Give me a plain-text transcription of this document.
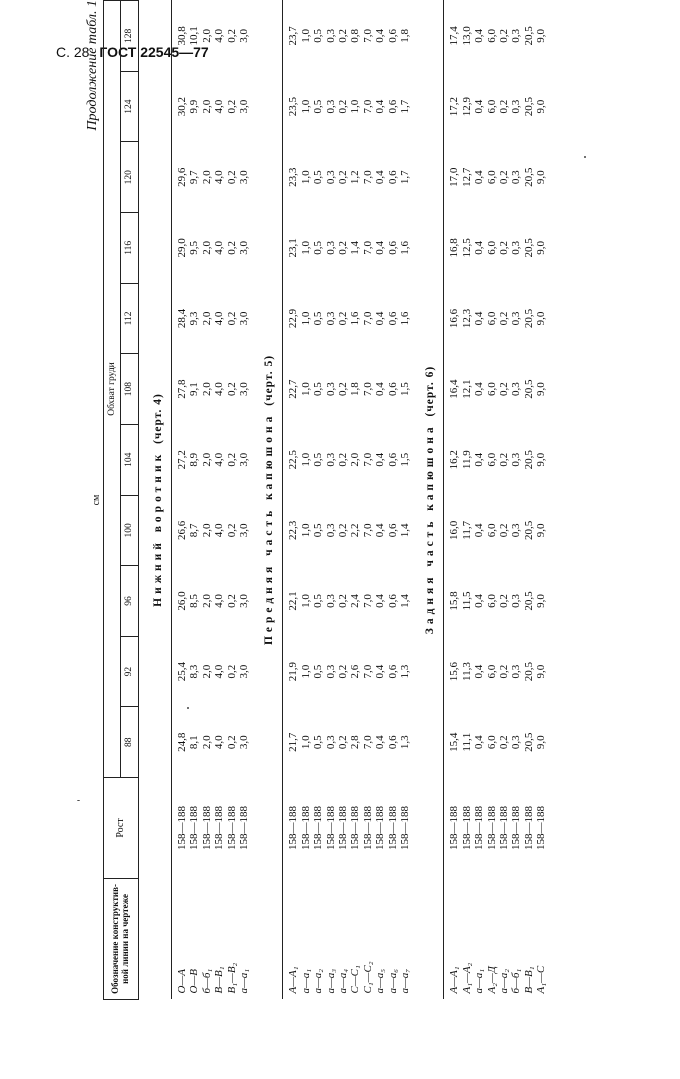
С. 28 ГОСТ 22545—77
Продолжение табл. 1
см
Обозначение конструктив-ной линии на чертеже	Рост	Обхват груди										
		88	92	96	100	104	108	112	116	120	124	128
Нижний воротник (черт. 4)												

O—A	158—188	24,8	25,4	26,0	26,6	27,2	27,8	28,4	29,0	29,6	30,2	30,8
O—B	158—188	8,1	8,3	8,5	8,7	8,9	9,1	9,3	9,5	9,7	9,9	10,1
б—б₁	158—188	2,0	2,0	2,0	2,0	2,0	2,0	2,0	2,0	2,0	2,0	2,0
В—В₁	158—188	4,0	4,0	4,0	4,0	4,0	4,0	4,0	4,0	4,0	4,0	4,0
В₁—В₂	158—188	0,2	0,2	0,2	0,2	0,2	0,2	0,2	0,2	0,2	0,2	0,2
а—а₁	158—188	3,0	3,0	3,0	3,0	3,0	3,0	3,0	3,0	3,0	3,0	3,0
Передняя часть капюшона (черт. 5)												

А—А₁	158—188	21,7	21,9	22,1	22,3	22,5	22,7	22,9	23,1	23,3	23,5	23,7
а—а₁	158—188	1,0	1,0	1,0	1,0	1,0	1,0	1,0	1,0	1,0	1,0	1,0
а—а₂	158—188	0,5	0,5	0,5	0,5	0,5	0,5	0,5	0,5	0,5	0,5	0,5
а—а₃	158—188	0,3	0,3	0,3	0,3	0,3	0,3	0,3	0,3	0,3	0,3	0,3
а—а₄	158—188	0,2	0,2	0,2	0,2	0,2	0,2	0,2	0,2	0,2	0,2	0,2
C—C₁	158—188	2,8	2,6	2,4	2,2	2,0	1,8	1,6	1,4	1,2	1,0	0,8
C₁—C₂	158—188	7,0	7,0	7,0	7,0	7,0	7,0	7,0	7,0	7,0	7,0	7,0
а—а₅	158—188	0,4	0,4	0,4	0,4	0,4	0,4	0,4	0,4	0,4	0,4	0,4
а—а₆	158—188	0,6	0,6	0,6	0,6	0,6	0,6	0,6	0,6	0,6	0,6	0,6
а—а₇	158—188	1,3	1,3	1,4	1,4	1,5	1,5	1,6	1,6	1,7	1,7	1,8
Задняя часть капюшона (черт. 6)												

А—А₁	158—188	15,4	15,6	15,8	16,0	16,2	16,4	16,6	16,8	17,0	17,2	17,4
А₁—А₂	158—188	11,1	11,3	11,5	11,7	11,9	12,1	12,3	12,5	12,7	12,9	13,0
а—а₁	158—188	0,4	0,4	0,4	0,4	0,4	0,4	0,4	0,4	0,4	0,4	0,4
А₂—Д	158—188	6,0	6,0	6,0	6,0	6,0	6,0	6,0	6,0	6,0	6,0	6,0
а—а₂	158—188	0,2	0,2	0,2	0,2	0,2	0,2	0,2	0,2	0,2	0,2	0,2
б—б₁	158—188	0,3	0,3	0,3	0,3	0,3	0,3	0,3	0,3	0,3	0,3	0,3
В—В₁	158—188	20,5	20,5	20,5	20,5	20,5	20,5	20,5	20,5	20,5	20,5	20,5
А₁—С	158—188	9,0	9,0	9,0	9,0	9,0	9,0	9,0	9,0	9,0	9,0	9,0
